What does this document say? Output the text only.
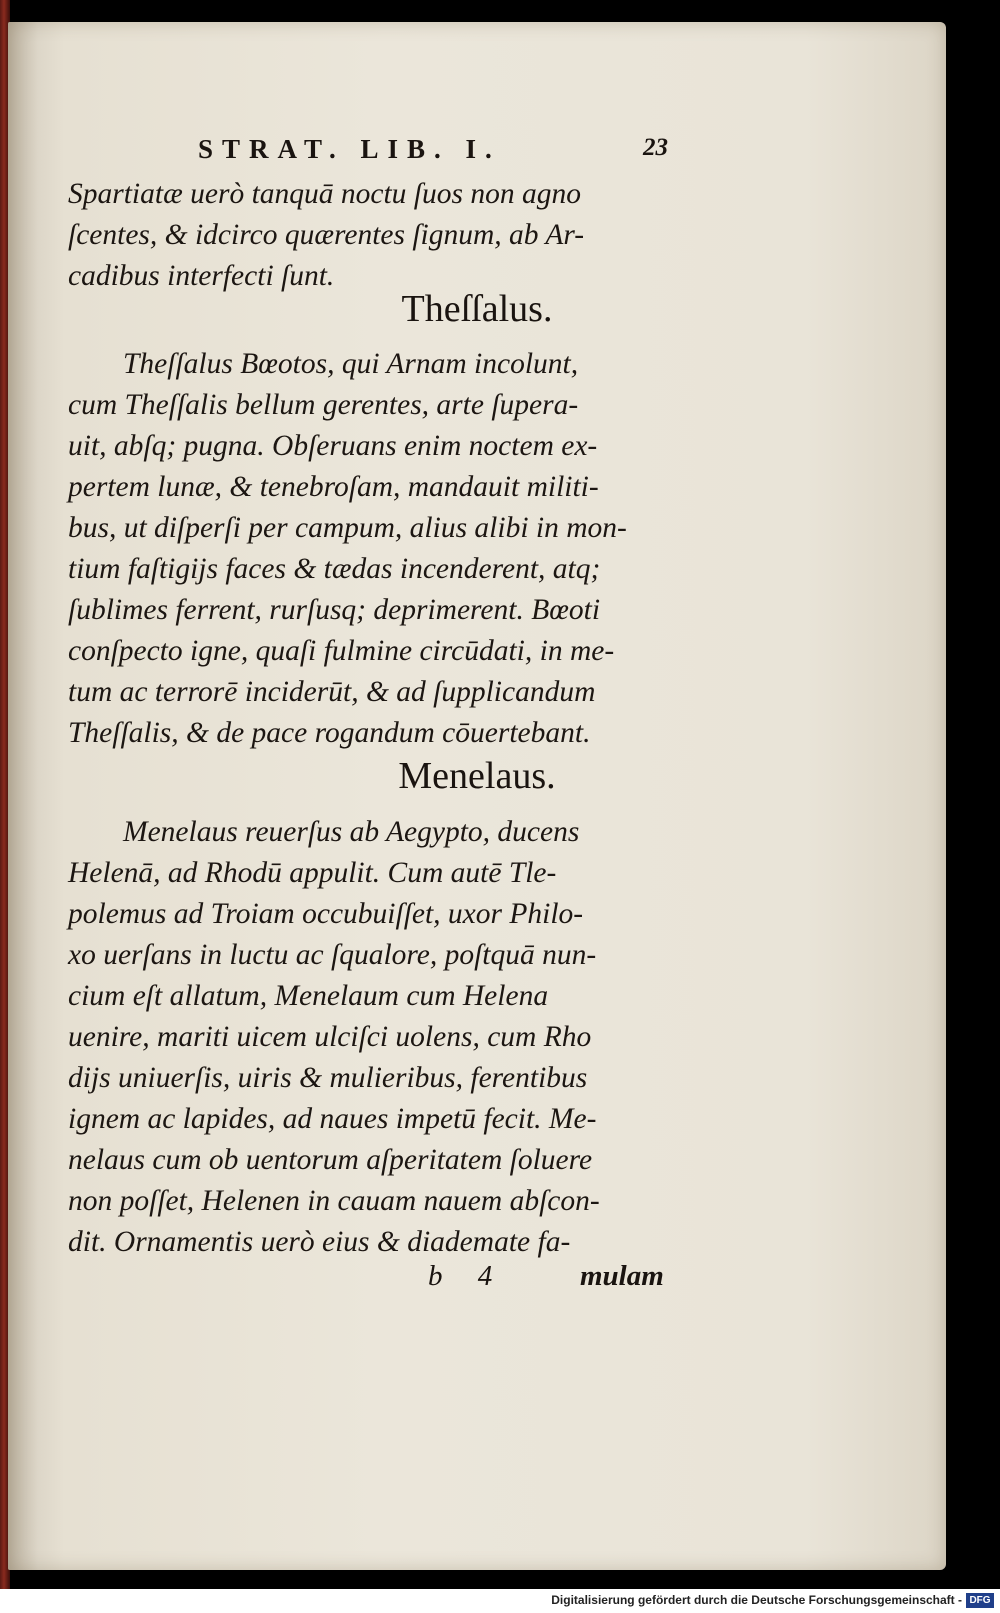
STRAT. LIB. I.	23
Spartiatæ uerò tanquā noctu ſuos non agno
ſcentes, & idcirco quærentes ſignum, ab Ar-
cadibus interfecti ſunt.
Theſſalus.
Theſſalus Bœotos, qui Arnam incolunt,
cum Theſſalis bellum gerentes, arte ſupera-
uit, abſq; pugna. Obſeruans enim noctem ex-
pertem lunæ, & tenebroſam, mandauit militi-
bus, ut diſperſi per campum, alius alibi in mon-
tium faſtigijs faces & tædas incenderent, atq;
ſublimes ferrent, rurſusq; deprimerent. Bœoti
conſpecto igne, quaſi fulmine circūdati, in me-
tum ac terrorē inciderūt, & ad ſupplicandum
Theſſalis, & de pace rogandum cōuertebant.
Menelaus.
Menelaus reuerſus ab Aegypto, ducens
Helenā, ad Rhodū appulit. Cum autē Tle-
polemus ad Troiam occubuiſſet, uxor Philo-
xo uerſans in luctu ac ſqualore, poſtquā nun-
cium eſt allatum, Menelaum cum Helena
uenire, mariti uicem ulciſci uolens, cum Rho
dijs uniuerſis, uiris & mulieribus, ferentibus
ignem ac lapides, ad naues impetū fecit. Me-
nelaus cum ob uentorum aſperitatem ſoluere
non poſſet, Helenen in cauam nauem abſcon-
dit. Ornamentis uerò eius & diademate fa-
b 4	mulam
Digitalisierung gefördert durch die Deutsche Forschungsgemeinschaft - DFG
